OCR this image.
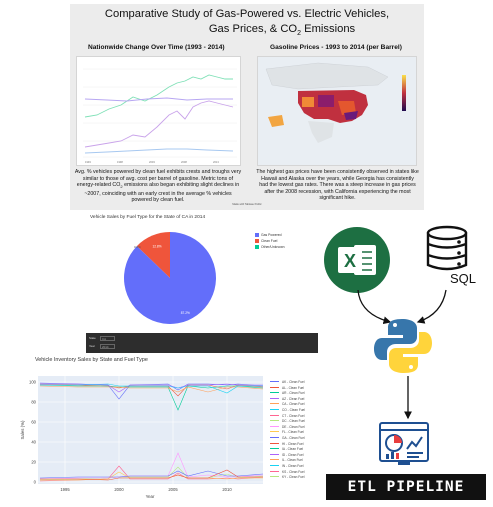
Comparative Study of Gas-Powered vs. Electric Vehicles,
Gas Prices, & $CO_2$ Emissions
Nationwide Change Over Time (1993 - 2014)	Gasoline Prices - 1993 to 2014 (per Barrel)
1993	1998	2003	2008	2013
Avg. % vehicles powered by clean fuel exhibits crests and troughs very similar to those of avg. cost per barrel of gasoline. Metric tons of energy-related $CO_2$ emissions also began exhibiting slight declines in ~2007, coinciding with an early crest in the average % vehicles powered by clean fuel.
The highest gas prices have been consistently observed in states like Hawaii and Alaska over the years, while Georgia has consistently had the lowest gas rates. There was a steep increase in gas prices after the 2008 recession, with California experiencing the most significant hike.
Made with Tableau Public
Vehicle Sales by Fuel Type for the State of CA in 2014
12.8%
87.2%
0.0%
Gas Powered
Clean Fuel
Other/Unknown
State CA
Year 2014
Vehicle Inventory Sales by State and Fuel Type
100
80
60
40
20
0
1995	2000	2005	2010
Year
Sales (%)
AK - Clean Fuel
AL - Clean Fuel
AR - Clean Fuel
AZ - Clean Fuel
CA - Clean Fuel
CO - Clean Fuel
CT - Clean Fuel
DC - Clean Fuel
DE - Clean Fuel
FL - Clean Fuel
GA - Clean Fuel
HI - Clean Fuel
IA - Clean Fuel
ID - Clean Fuel
IL - Clean Fuel
IN - Clean Fuel
KS - Clean Fuel
KY - Clean Fuel
X
SQL
ETL PIPELINE
